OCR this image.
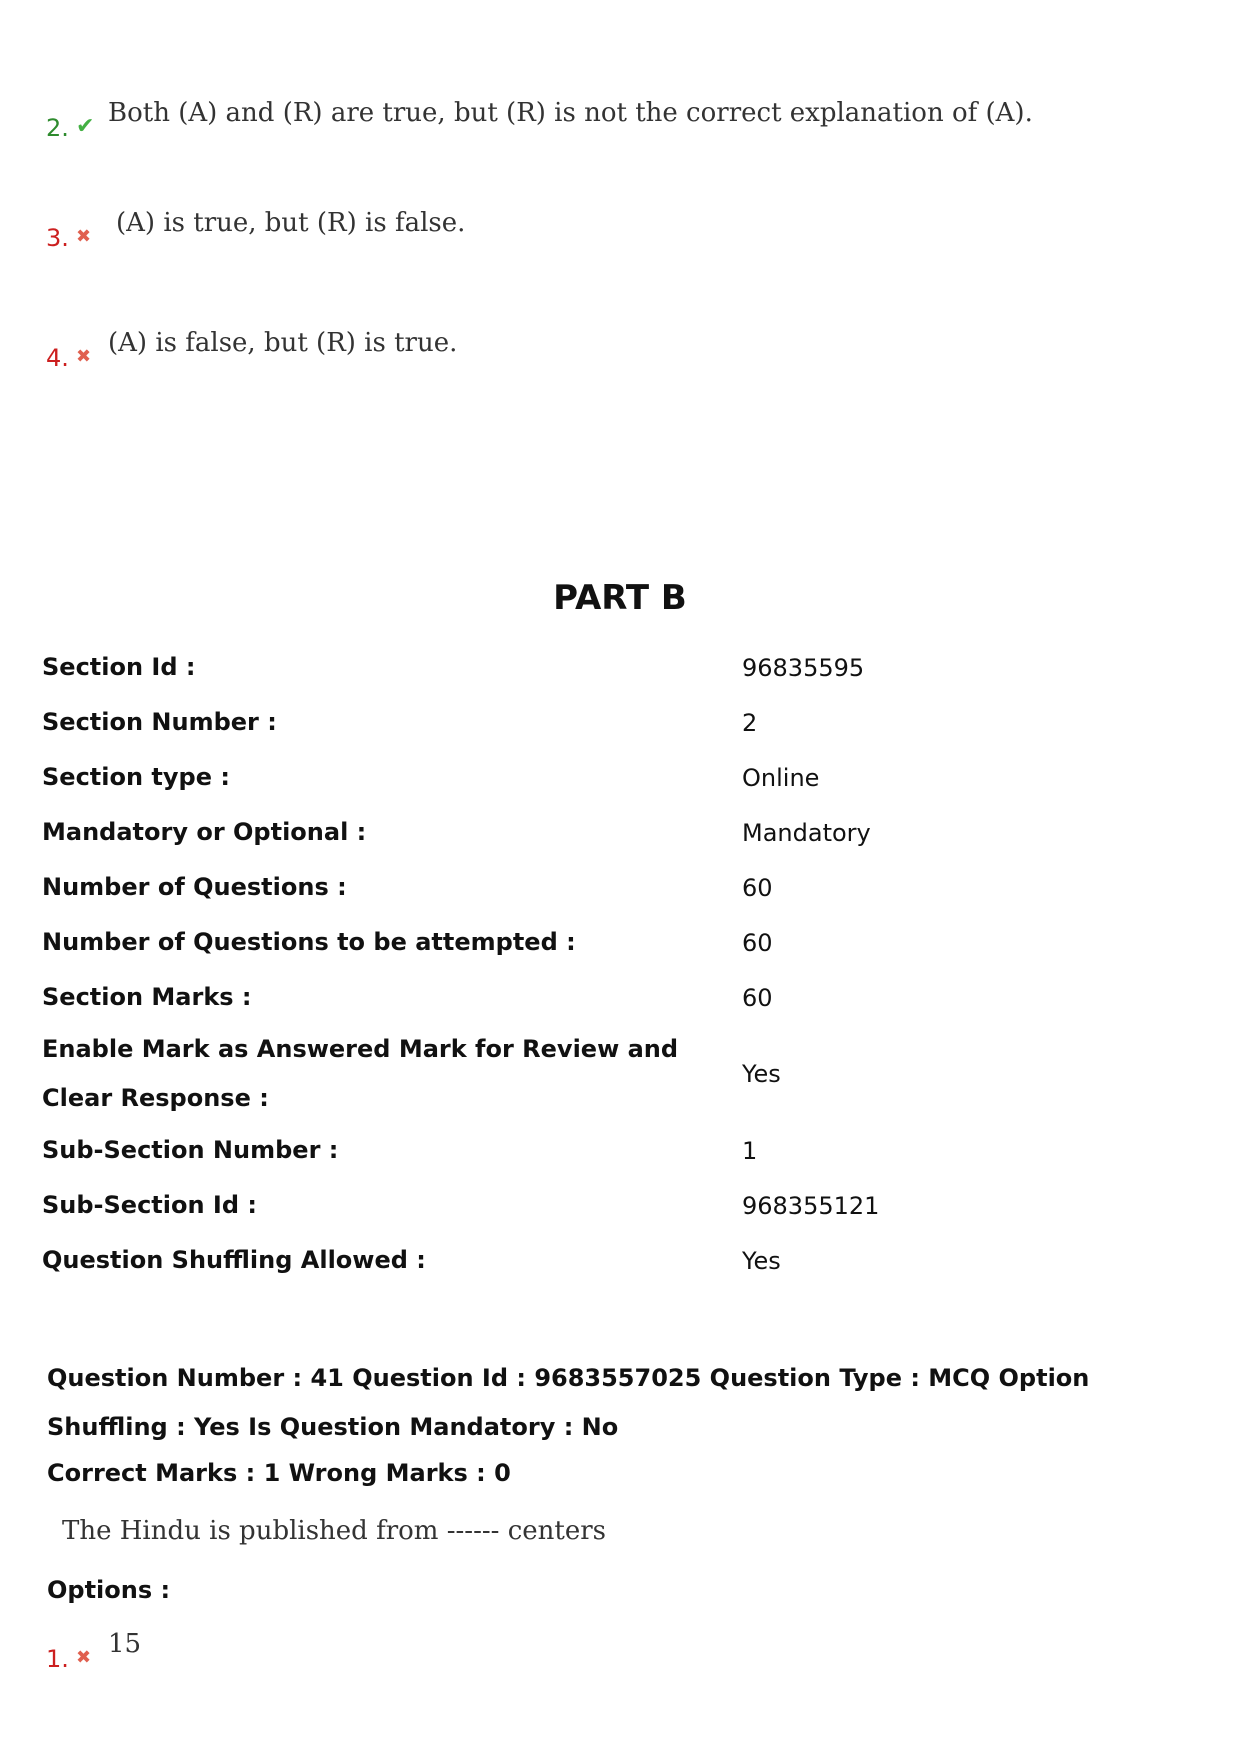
2. ✔ Both (A) and (R) are true, but (R) is not the correct explanation of (A).
3. ✖ (A) is true, but (R) is false.
4. ✖ (A) is false, but (R) is true.
PART B
Section Id :	96835595
Section Number :	2
Section type :	Online
Mandatory or Optional :	Mandatory
Number of Questions :	60
Number of Questions to be attempted :	60
Section Marks :	60
Enable Mark as Answered Mark for Review and Clear Response :	Yes
Sub-Section Number :	1
Sub-Section Id :	968355121
Question Shuffling Allowed :	Yes
Question Number : 41 Question Id : 9683557025 Question Type : MCQ Option Shuffling : Yes Is Question Mandatory : No
Correct Marks : 1 Wrong Marks : 0
The Hindu is published from ------ centers
Options :
1. ✖ 15
